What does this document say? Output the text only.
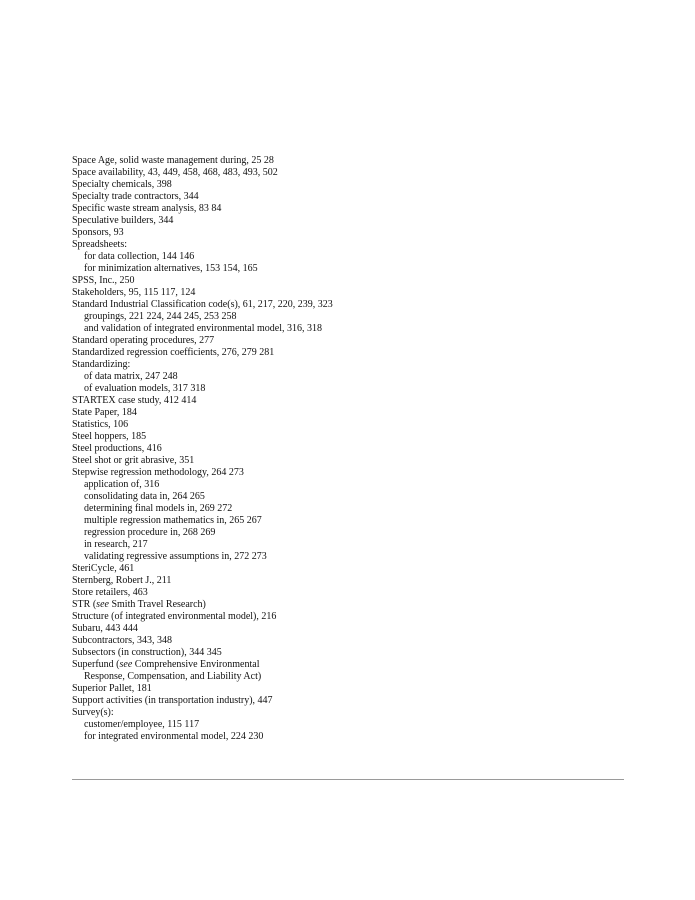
Space Age, solid waste management during, 25 28
Space availability, 43, 449, 458, 468, 483, 493, 502
Specialty chemicals, 398
Specialty trade contractors, 344
Specific waste stream analysis, 83 84
Speculative builders, 344
Sponsors, 93
Spreadsheets:
for data collection, 144 146
for minimization alternatives, 153 154, 165
SPSS, Inc., 250
Stakeholders, 95, 115 117, 124
Standard Industrial Classification code(s), 61, 217, 220, 239, 323
groupings, 221 224, 244 245, 253 258
and validation of integrated environmental model, 316, 318
Standard operating procedures, 277
Standardized regression coefficients, 276, 279 281
Standardizing:
of data matrix, 247 248
of evaluation models, 317 318
STARTEX case study, 412 414
State Paper, 184
Statistics, 106
Steel hoppers, 185
Steel productions, 416
Steel shot or grit abrasive, 351
Stepwise regression methodology, 264 273
application of, 316
consolidating data in, 264 265
determining final models in, 269 272
multiple regression mathematics in, 265 267
regression procedure in, 268 269
in research, 217
validating regressive assumptions in, 272 273
SteriCycle, 461
Sternberg, Robert J., 211
Store retailers, 463
STR (see Smith Travel Research)
Structure (of integrated environmental model), 216
Subaru, 443 444
Subcontractors, 343, 348
Subsectors (in construction), 344 345
Superfund (see Comprehensive Environmental
Response, Compensation, and Liability Act)
Superior Pallet, 181
Support activities (in transportation industry), 447
Survey(s):
customer/employee, 115 117
for integrated environmental model, 224 230
